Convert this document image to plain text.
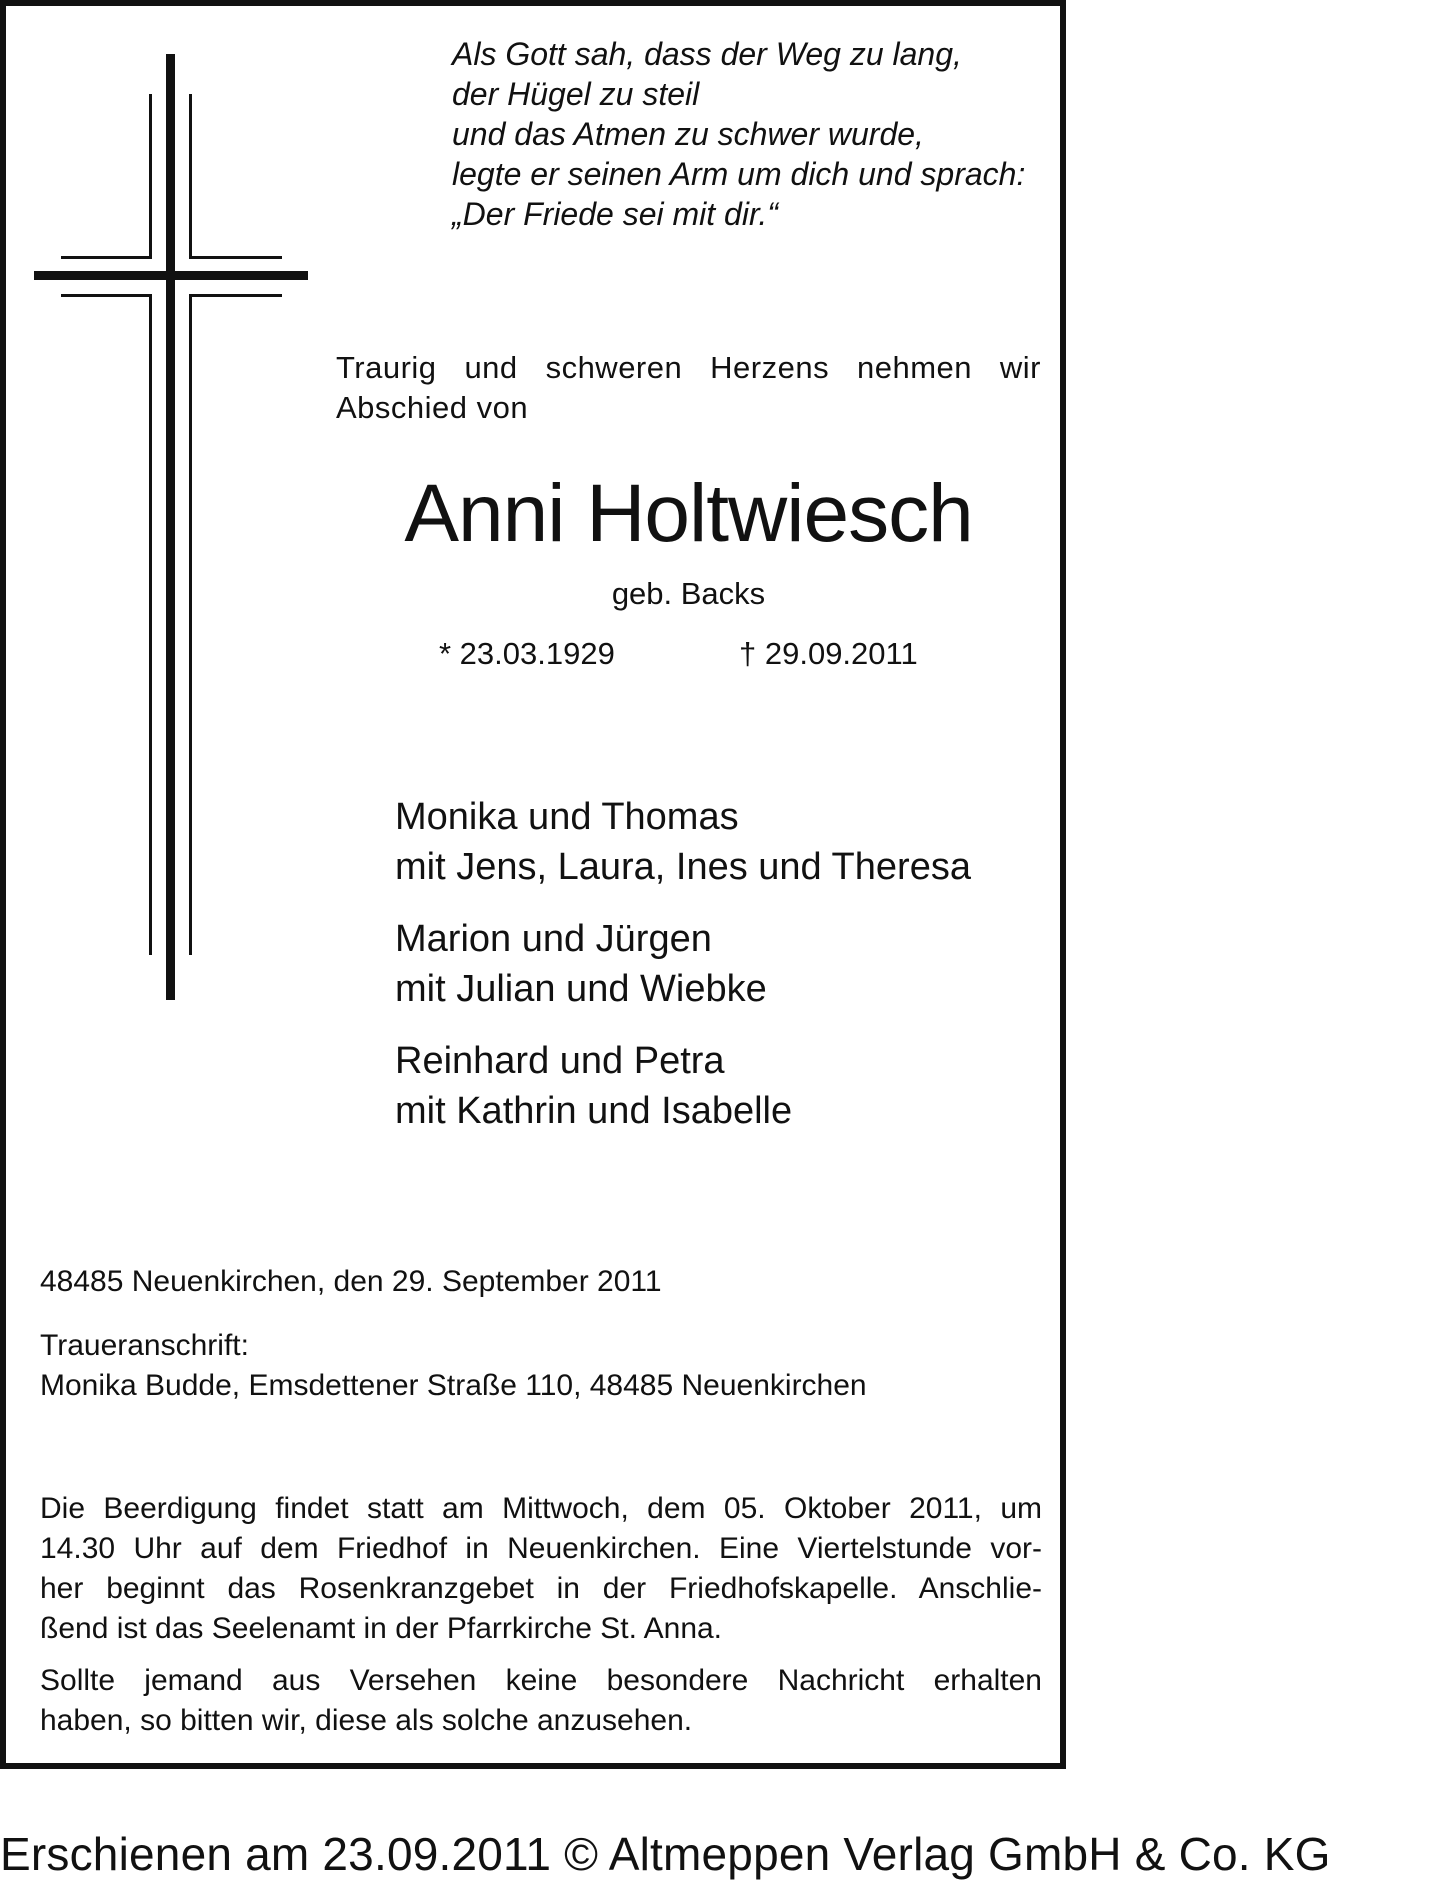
Als Gott sah, dass der Weg zu lang,
der Hügel zu steil
und das Atmen zu schwer wurde,
legte er seinen Arm um dich und sprach:
„Der Friede sei mit dir.“
Traurig und schweren Herzens nehmen wir
Abschied von
Anni Holtwiesch
geb. Backs
* 23.03.1929	† 29.09.2011
Monika und Thomas
mit Jens, Laura, Ines und Theresa
Marion und Jürgen
mit Julian und Wiebke
Reinhard und Petra
mit Kathrin und Isabelle
48485 Neuenkirchen, den 29. September 2011
Traueranschrift:
Monika Budde, Emsdettener Straße 110, 48485 Neuenkirchen
Die Beerdigung findet statt am Mittwoch, dem 05. Oktober 2011, um
14.30 Uhr auf dem Friedhof in Neuenkirchen. Eine Viertelstunde vor-
her beginnt das Rosenkranzgebet in der Friedhofskapelle. Anschlie-
ßend ist das Seelenamt in der Pfarrkirche St. Anna.
Sollte jemand aus Versehen keine besondere Nachricht erhalten
haben, so bitten wir, diese als solche anzusehen.
Erschienen am 23.09.2011 © Altmeppen Verlag GmbH & Co. KG
